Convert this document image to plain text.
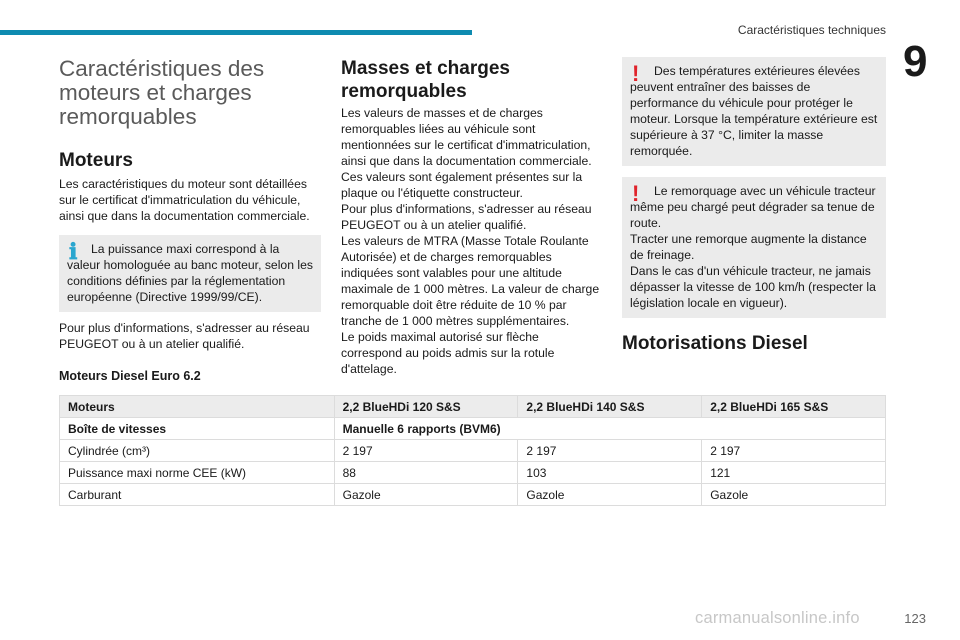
Caractéristiques techniques
9
Caractéristiques des moteurs et charges remorquables
Moteurs

Les caractéristiques du moteur sont détaillées sur le certificat d'immatriculation du véhicule, ainsi que dans la documentation commerciale.

ℹ	La puissance maxi correspond à la valeur homologuée au banc moteur, selon les conditions définies par la réglementation européenne (Directive 1999/99/CE).

Pour plus d'informations, s'adresser au réseau PEUGEOT ou à un atelier qualifié.

Masses et charges remorquables

Les valeurs de masses et de charges remorquables liées au véhicule sont mentionnées sur le certificat d'immatriculation, ainsi que dans la documentation commerciale.
Ces valeurs sont également présentes sur la plaque ou l'étiquette constructeur.
Pour plus d'informations, s'adresser au réseau PEUGEOT ou à un atelier qualifié.
Les valeurs de MTRA (Masse Totale Roulante Autorisée) et de charges remorquables indiquées sont valables pour une altitude maximale de 1 000 mètres. La valeur de charge remorquable doit être réduite de 10 % par tranche de 1 000 mètres supplémentaires.
Le poids maximal autorisé sur flèche correspond au poids admis sur la rotule d'attelage.

!	Des températures extérieures élevées peuvent entraîner des baisses de performance du véhicule pour protéger le moteur. Lorsque la température extérieure est supérieure à 37 °C, limiter la masse remorquée.

!	Le remorquage avec un véhicule tracteur même peu chargé peut dégrader sa tenue de route.
Tracter une remorque augmente la distance de freinage.
Dans le cas d'un véhicule tracteur, ne jamais dépasser la vitesse de 100 km/h (respecter la législation locale en vigueur).

Motorisations Diesel
Moteurs Diesel Euro 6.2
Moteurs	2,2 BlueHDi 120 S&S	2,2 BlueHDi 140 S&S	2,2 BlueHDi 165 S&S
Boîte de vitesses	Manuelle 6 rapports (BVM6)		
Cylindrée (cm³)	2 197	2 197	2 197
Puissance maxi norme CEE (kW)	88	103	121
Carburant	Gazole	Gazole	Gazole
carmanualsonline.info	123
